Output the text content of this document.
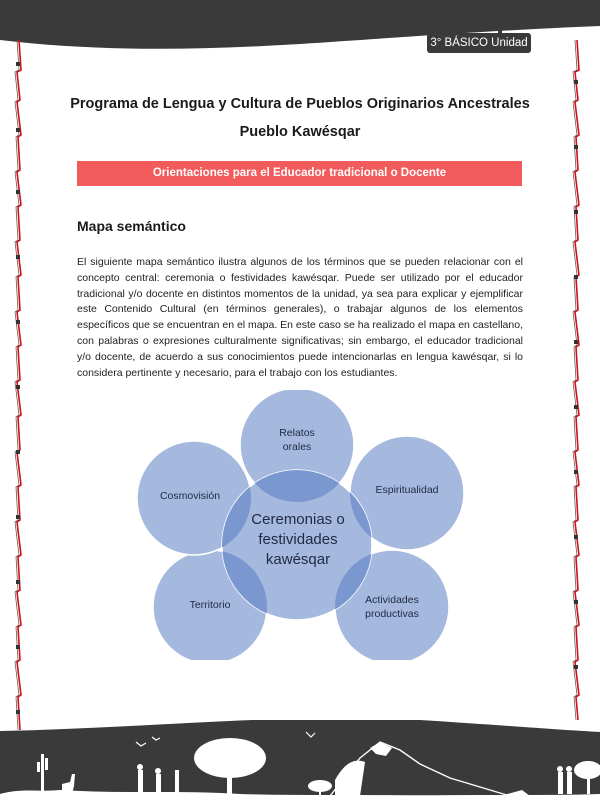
3° BÁSICO Unidad 2
Programa de Lengua y Cultura de Pueblos Originarios Ancestrales
Pueblo Kawésqar
Orientaciones para el Educador tradicional o Docente
Mapa semántico
El siguiente mapa semántico ilustra algunos de los términos que se pueden relacionar con el concepto central: ceremonia o festividades kawésqar. Puede ser utilizado por el educador tradicional y/o docente en distintos momentos de la unidad, ya sea para explicar y ejemplificar este Contenido Cultural (en términos generales), o trabajar algunos de los elementos específicos que se encuentran en el mapa. En este caso se ha realizado el mapa en castellano, con palabras o expresiones culturalmente significativas; sin embargo, el educador tradicional y/o docente, de acuerdo a sus conocimientos puede intencionarlas en lengua kawésqar, si lo considera pertinente y necesario, para el trabajo con los estudiantes.
Relatos
orales
Espiritualidad
Actividades
productivas
Territorio
Cosmovisión
Ceremonias o
festividades
kawésqar
